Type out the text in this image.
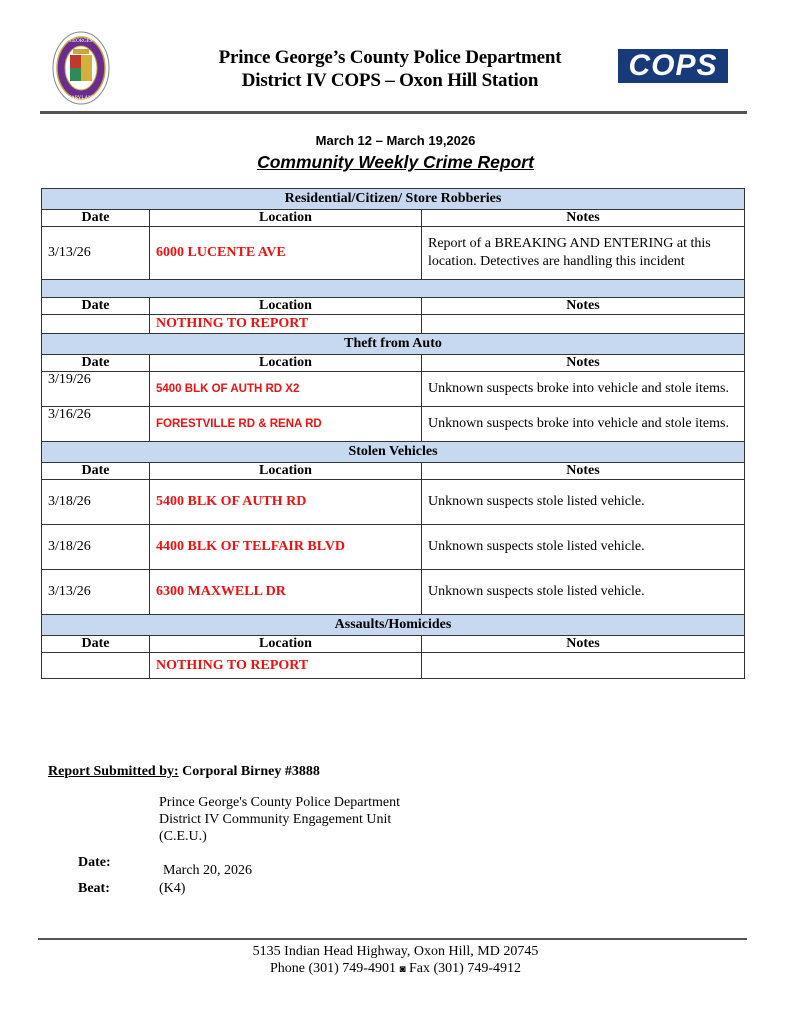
GEORGES
MARYLAND
Prince George’s County Police Department
District IV COPS – Oxon Hill Station	COPS
March 12 – March 19,2026
Community Weekly Crime Report
Residential/Citizen/ Store Robberies		
Date	Location	Notes
3/13/26	6000 LUCENTE AVE	Report of a BREAKING AND ENTERING at this location. Detectives are handling this incident

Date	Location	Notes
	NOTHING TO REPORT	
Theft from Auto		
Date	Location	Notes
3/19/26	5400 BLK OF AUTH RD X2	Unknown suspects broke into vehicle and stole items.
3/16/26	FORESTVILLE RD & RENA RD	Unknown suspects broke into vehicle and stole items.
Stolen Vehicles		
Date	Location	Notes
3/18/26	5400 BLK OF AUTH RD	Unknown suspects stole listed vehicle.
3/18/26	4400 BLK OF TELFAIR BLVD	Unknown suspects stole listed vehicle.
3/13/26	6300 MAXWELL DR	Unknown suspects stole listed vehicle.
Assaults/Homicides		
Date	Location	Notes
	NOTHING TO REPORT	
Report Submitted by: Corporal Birney #3888
Prince George's County Police Department
District IV Community Engagement Unit
(C.E.U.)
Date:
March 20, 2026
Beat:	(K4)
5135 Indian Head Highway, Oxon Hill, MD 20745
Phone (301) 749-4901 ◙ Fax (301) 749-4912
